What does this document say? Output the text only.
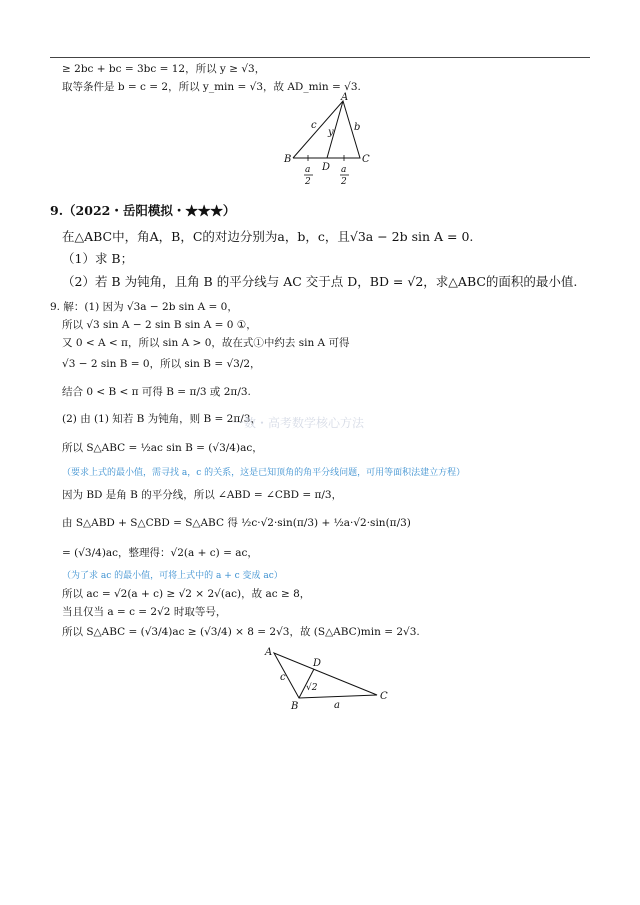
≥ 2bc + bc = 3bc = 12，所以 y ≥ √3，
取等条件是 b = c = 2，所以 y_min = √3，故 AD_min = √3.
A
B	C
D
c	b
y
a
2
a
2
9.（2022・岳阳模拟・★★★）
在△ABC中，角A，B，C的对边分别为a，b，c，且√3a − 2b sin A = 0.
（1）求 B；
（2）若 B 为钝角，且角 B 的平分线与 AC 交于点 D，BD = √2，求△ABC的面积的最小值.
9. 解：(1) 因为 √3a − 2b sin A = 0，
所以 √3 sin A − 2 sin B sin A = 0 ①，
又 0 < A < π，所以 sin A > 0，故在式①中约去 sin A 可得
√3 − 2 sin B = 0，所以 sin B = √3/2，
结合 0 < B < π 可得 B = π/3 或 2π/3.
(2) 由 (1) 知若 B 为钝角，则 B = 2π/3，
所以 S△ABC = ½ac sin B = (√3/4)ac，
（要求上式的最小值，需寻找 a，c 的关系，这是已知顶角的角平分线问题，可用等面积法建立方程）
因为 BD 是角 B 的平分线，所以 ∠ABD = ∠CBD = π/3，
由 S△ABD + S△CBD = S△ABC 得 ½c·√2·sin(π/3) + ½a·√2·sin(π/3)
= (√3/4)ac，整理得：√2(a + c) = ac，
（为了求 ac 的最小值，可将上式中的 a + c 变成 ac）
所以 ac = √2(a + c) ≥ √2 × 2√(ac)，故 ac ≥ 8，
当且仅当 a = c = 2√2 时取等号，
所以 S△ABC = (√3/4)ac ≥ (√3/4) × 8 = 2√3，故 (S△ABC)min = 2√3.
一数・高考数学核心方法
A
B
C
D
c
a
√2
